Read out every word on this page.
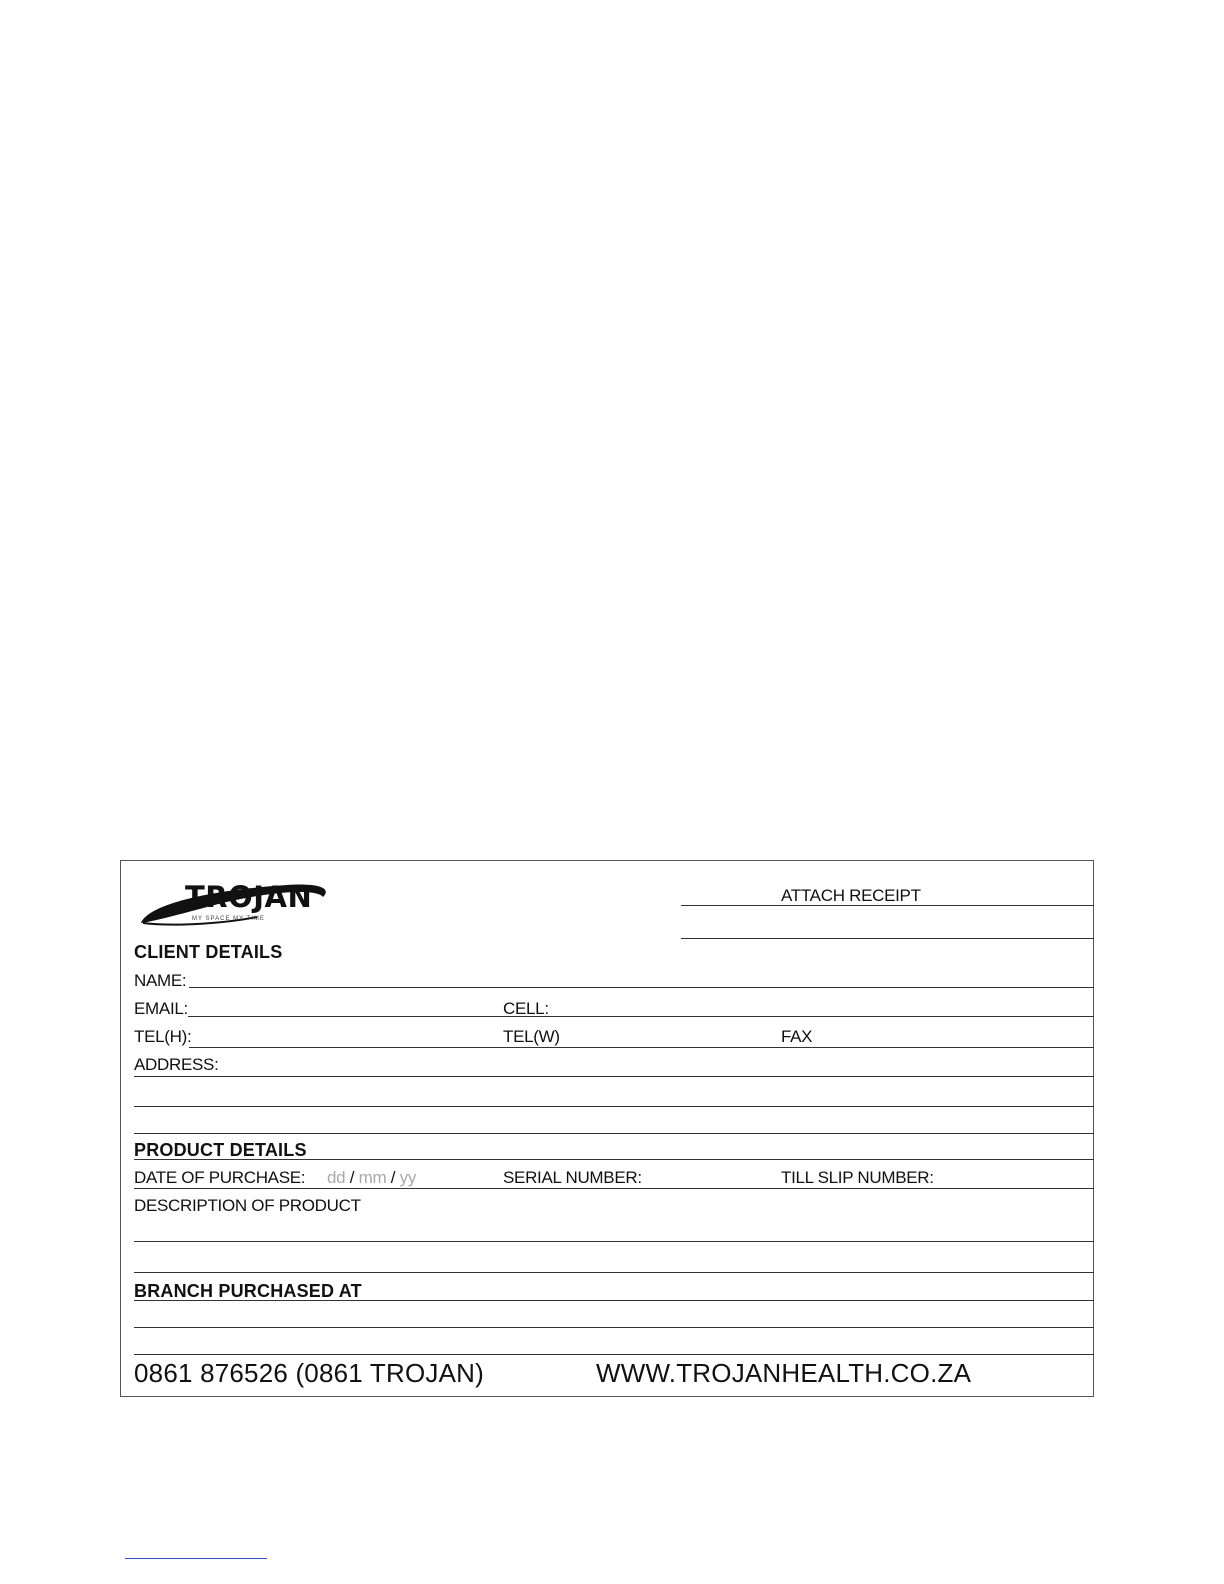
TROJAN
MY SPACE MY TIME
ATTACH RECEIPT
CLIENT DETAILS
NAME:
EMAIL:	CELL:
TEL(H):	TEL(W)	FAX
ADDRESS:
PRODUCT DETAILS
DATE OF PURCHASE: dd / mm / yy	SERIAL NUMBER:	TILL SLIP NUMBER:
DESCRIPTION OF PRODUCT
BRANCH PURCHASED AT
0861 876526 (0861 TROJAN)	WWW.TROJANHEALTH.CO.ZA
